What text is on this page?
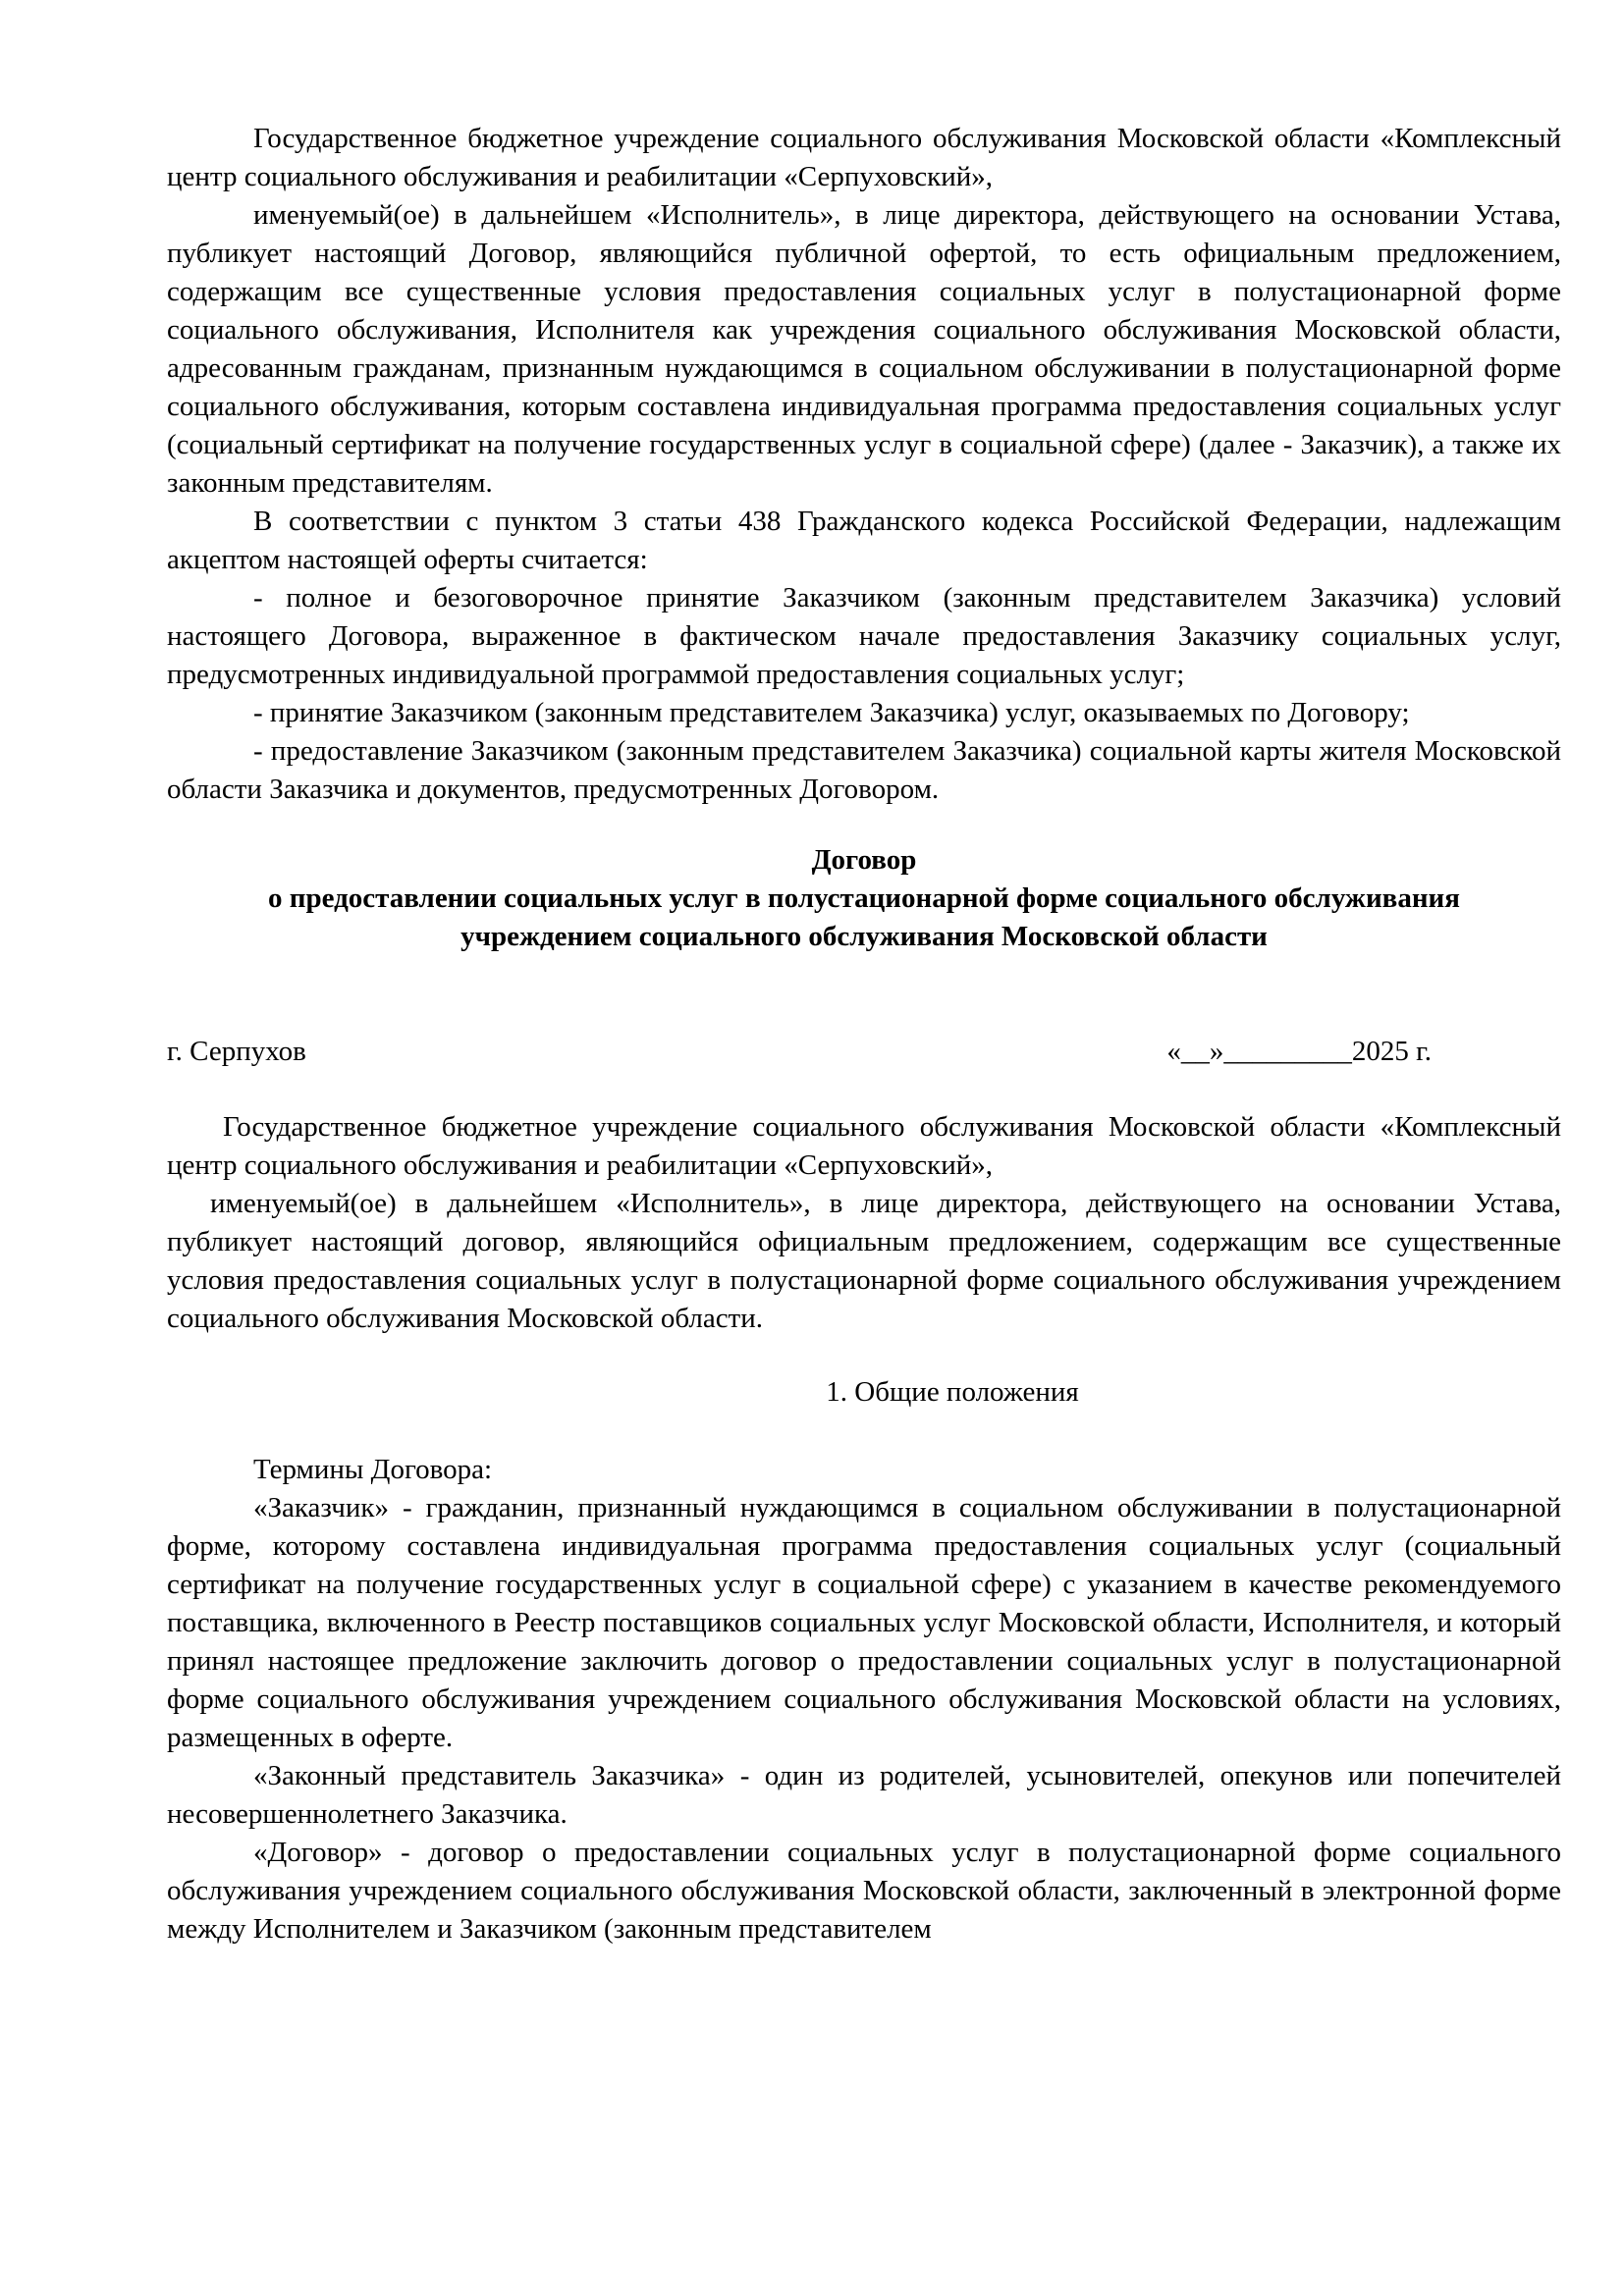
Государственное бюджетное учреждение социального обслуживания Московской области «Комплексный центр социального обслуживания и реабилитации «Серпуховский»,

именуемый(ое) в дальнейшем «Исполнитель», в лице директора, действующего на основании Устава, публикует настоящий Договор, являющийся публичной офертой, то есть официальным предложением, содержащим все существенные условия предоставления социальных услуг в полустационарной форме социального обслуживания, Исполнителя как учреждения социального обслуживания Московской области, адресованным гражданам, признанным нуждающимся в социальном обслуживании в полустационарной форме социального обслуживания, которым составлена индивидуальная программа предоставления социальных услуг (социальный сертификат на получение государственных услуг в социальной сфере) (далее - Заказчик), а также их законным представителям.

В соответствии с пунктом 3 статьи 438 Гражданского кодекса Российской Федерации, надлежащим акцептом настоящей оферты считается:

- полное и безоговорочное принятие Заказчиком (законным представителем Заказчика) условий настоящего Договора, выраженное в фактическом начале предоставления Заказчику социальных услуг, предусмотренных индивидуальной программой предоставления социальных услуг;

- принятие Заказчиком (законным представителем Заказчика) услуг, оказываемых по Договору;

- предоставление Заказчиком (законным представителем Заказчика) социальной карты жителя Московской области Заказчика и документов, предусмотренных Договором.

Договор

о предоставлении социальных услуг в полустационарной форме социального обслуживания

учреждением социального обслуживания Московской области

г. Серпухов	«__»_________2025 г.

Государственное бюджетное учреждение социального обслуживания Московской области «Комплексный центр социального обслуживания и реабилитации «Серпуховский»,

именуемый(ое) в дальнейшем «Исполнитель», в лице директора, действующего на основании Устава, публикует настоящий договор, являющийся официальным предложением, содержащим все существенные условия предоставления социальных услуг в полустационарной форме социального обслуживания учреждением социального обслуживания Московской области.

1. Общие положения

Термины Договора:

«Заказчик» - гражданин, признанный нуждающимся в социальном обслуживании в полустационарной форме, которому составлена индивидуальная программа предоставления социальных услуг (социальный сертификат на получение государственных услуг в социальной сфере) с указанием в качестве рекомендуемого поставщика, включенного в Реестр поставщиков социальных услуг Московской области, Исполнителя, и который принял настоящее предложение заключить договор о предоставлении социальных услуг в полустационарной форме социального обслуживания учреждением социального обслуживания Московской области на условиях, размещенных в оферте.

«Законный представитель Заказчика» - один из родителей, усыновителей, опекунов или попечителей несовершеннолетнего Заказчика.

«Договор» - договор о предоставлении социальных услуг в полустационарной форме социального обслуживания учреждением социального обслуживания Московской области, заключенный в электронной форме между Исполнителем и Заказчиком (законным представителем
